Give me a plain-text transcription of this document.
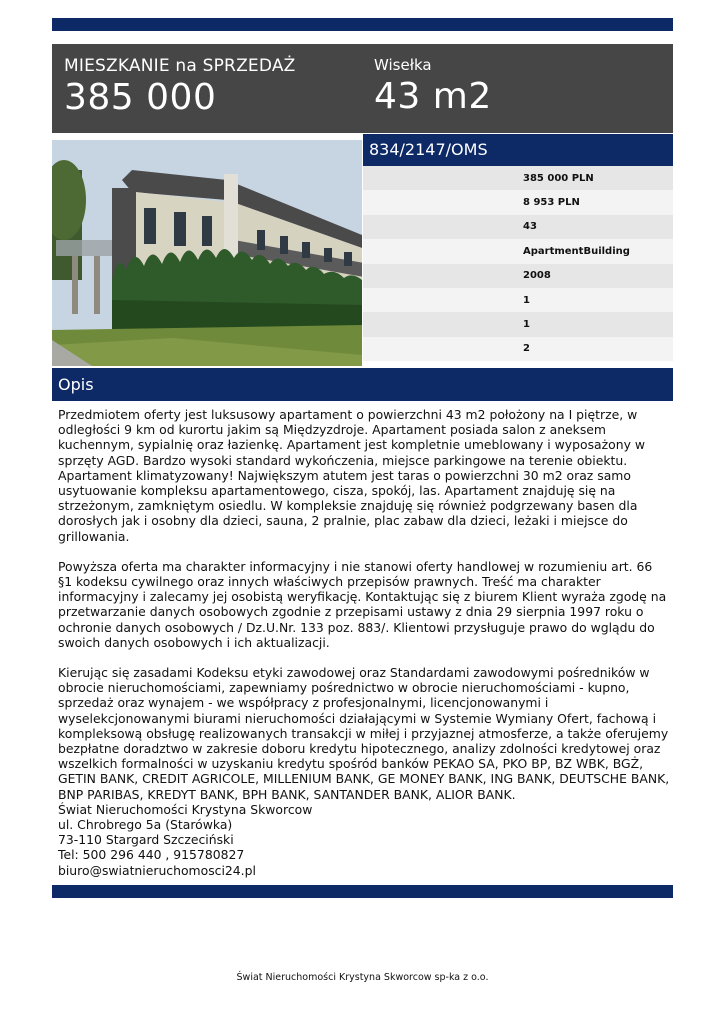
MIESZKANIE na SPRZEDAŻ
385 000
Wisełka
43 m2
834/2147/OMS
385 000 PLN
8 953 PLN
43
ApartmentBuilding
2008
1
1
2
Opis

Przedmiotem oferty jest luksusowy apartament o powierzchni 43 m2 położony na I piętrze, w odległości 9 km od kurortu jakim są Międzyzdroje. Apartament posiada salon z aneksem kuchennym, sypialnię oraz łazienkę. Apartament jest kompletnie umeblowany i wyposażony w sprzęty AGD. Bardzo wysoki standard wykończenia, miejsce parkingowe na terenie obiektu. Apartament klimatyzowany! Największym atutem jest taras o powierzchni 30 m2 oraz samo usytuowanie kompleksu apartamentowego, cisza, spokój, las. Apartament znajduję się na strzeżonym, zamkniętym osiedlu. W kompleksie znajduję się również podgrzewany basen dla dorosłych jak i osobny dla dzieci, sauna, 2 pralnie, plac zabaw dla dzieci, leżaki i miejsce do grillowania.

Powyższa oferta ma charakter informacyjny i nie stanowi oferty handlowej w rozumieniu art. 66 §1 kodeksu cywilnego oraz innych właściwych przepisów prawnych. Treść ma charakter informacyjny i zalecamy jej osobistą weryfikację. Kontaktując się z biurem Klient wyraża zgodę na przetwarzanie danych osobowych zgodnie z przepisami ustawy z dnia 29 sierpnia 1997 roku o ochronie danych osobowych / Dz.U.Nr. 133 poz. 883/. Klientowi przysługuje prawo do wglądu do swoich danych osobowych i ich aktualizacji.

Kierując się zasadami Kodeksu etyki zawodowej oraz Standardami zawodowymi pośredników w obrocie nieruchomościami, zapewniamy pośrednictwo w obrocie nieruchomościami - kupno, sprzedaż oraz wynajem - we współpracy z profesjonalnymi, licencjonowanymi i wyselekcjonowanymi biurami nieruchomości działającymi w Systemie Wymiany Ofert, fachową i kompleksową obsługę realizowanych transakcji w miłej i przyjaznej atmosferze, a także oferujemy bezpłatne doradztwo w zakresie doboru kredytu hipotecznego, analizy zdolności kredytowej oraz wszelkich formalności w uzyskaniu kredytu spośród banków PEKAO SA, PKO BP, BZ WBK, BGŻ, GETIN BANK, CREDIT AGRICOLE, MILLENIUM BANK, GE MONEY BANK, ING BANK, DEUTSCHE BANK, BNP PARIBAS, KREDYT BANK, BPH BANK, SANTANDER BANK, ALIOR BANK.
Świat Nieruchomości Krystyna Skworcow
ul. Chrobrego 5a (Starówka)
73-110 Stargard Szczeciński
Tel: 500 296 440 , 915780827
biuro@swiatnieruchomosci24.pl

Świat Nieruchomości Krystyna Skworcow sp-ka z o.o.
